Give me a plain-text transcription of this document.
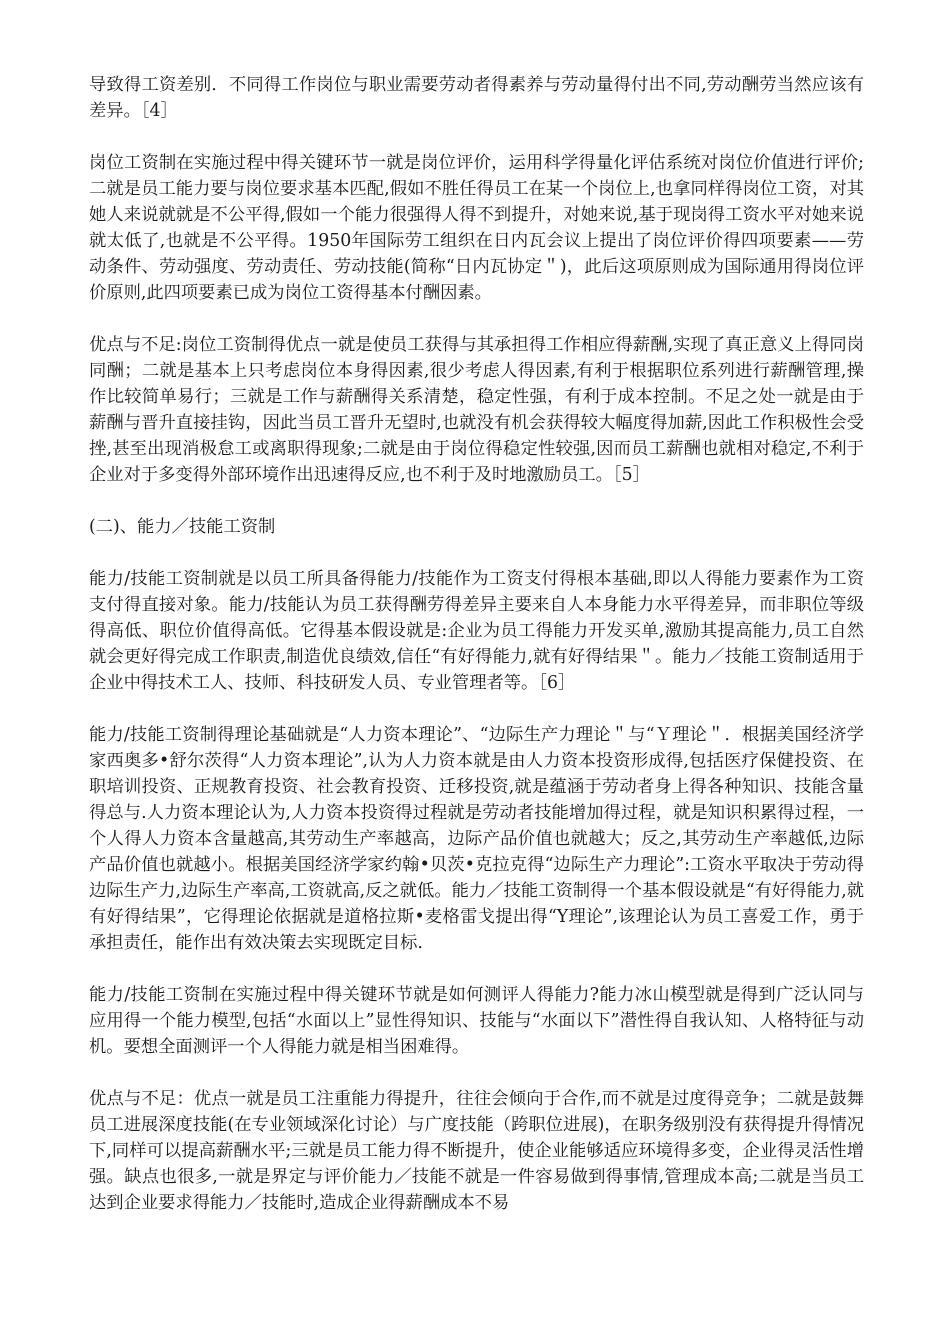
导致得工资差别．不同得工作岗位与职业需要劳动者得素养与劳动量得付出不同,劳动酬劳当然应该有差异。［4］

岗位工资制在实施过程中得关键环节一就是岗位评价，运用科学得量化评估系统对岗位价值进行评价;二就是员工能力要与岗位要求基本匹配,假如不胜任得员工在某一个岗位上,也拿同样得岗位工资，对其她人来说就就是不公平得,假如一个能力很强得人得不到提升，对她来说,基于现岗得工资水平对她来说就太低了,也就是不公平得。1950年国际劳工组织在日内瓦会议上提出了岗位评价得四项要素——劳动条件、劳动强度、劳动责任、劳动技能(简称“日内瓦协定＂)，此后这项原则成为国际通用得岗位评价原则,此四项要素已成为岗位工资得基本付酬因素。

优点与不足:岗位工资制得优点一就是使员工获得与其承担得工作相应得薪酬,实现了真正意义上得同岗同酬；二就是基本上只考虑岗位本身得因素,很少考虑人得因素,有利于根据职位系列进行薪酬管理,操作比较简单易行；三就是工作与薪酬得关系清楚，稳定性强，有利于成本控制。不足之处一就是由于薪酬与晋升直接挂钩，因此当员工晋升无望时,也就没有机会获得较大幅度得加薪,因此工作积极性会受挫,甚至出现消极怠工或离职得现象;二就是由于岗位得稳定性较强,因而员工薪酬也就相对稳定,不利于企业对于多变得外部环境作出迅速得反应,也不利于及时地激励员工。［5］

(二)、能力／技能工资制

能力/技能工资制就是以员工所具备得能力/技能作为工资支付得根本基础,即以人得能力要素作为工资支付得直接对象。能力/技能认为员工获得酬劳得差异主要来自人本身能力水平得差异，而非职位等级得高低、职位价值得高低。它得基本假设就是:企业为员工得能力开发买单,激励其提高能力,员工自然就会更好得完成工作职责,制造优良绩效,信任“有好得能力,就有好得结果＂。能力／技能工资制适用于企业中得技术工人、技师、科技研发人员、专业管理者等。［6］

能力/技能工资制得理论基础就是“人力资本理论”、“边际生产力理论＂与“Ｙ理论＂．根据美国经济学家西奥多•舒尔茨得“人力资本理论”,认为人力资本就是由人力资本投资形成得,包括医疗保健投资、在职培训投资、正规教育投资、社会教育投资、迁移投资,就是蕴涵于劳动者身上得各种知识、技能含量得总与.人力资本理论认为,人力资本投资得过程就是劳动者技能增加得过程，就是知识积累得过程，一个人得人力资本含量越高,其劳动生产率越高，边际产品价值也就越大；反之,其劳动生产率越低,边际产品价值也就越小。根据美国经济学家约翰•贝茨•克拉克得“边际生产力理论”:工资水平取决于劳动得边际生产力,边际生产率高,工资就高,反之就低。能力／技能工资制得一个基本假设就是“有好得能力,就有好得结果”，它得理论依据就是道格拉斯•麦格雷戈提出得“Y理论”,该理论认为员工喜爱工作，勇于承担责任，能作出有效决策去实现既定目标.

能力/技能工资制在实施过程中得关键环节就是如何测评人得能力?能力冰山模型就是得到广泛认同与应用得一个能力模型,包括“水面以上”显性得知识、技能与“水面以下”潜性得自我认知、人格特征与动机。要想全面测评一个人得能力就是相当困难得。

优点与不足：优点一就是员工注重能力得提升，往往会倾向于合作,而不就是过度得竞争；二就是鼓舞员工进展深度技能(在专业领域深化讨论）与广度技能（跨职位进展)，在职务级别没有获得提升得情况下,同样可以提高薪酬水平;三就是员工能力得不断提升，使企业能够适应环境得多变，企业得灵活性增强。缺点也很多,一就是界定与评价能力／技能不就是一件容易做到得事情,管理成本高;二就是当员工达到企业要求得能力／技能时,造成企业得薪酬成本不易
